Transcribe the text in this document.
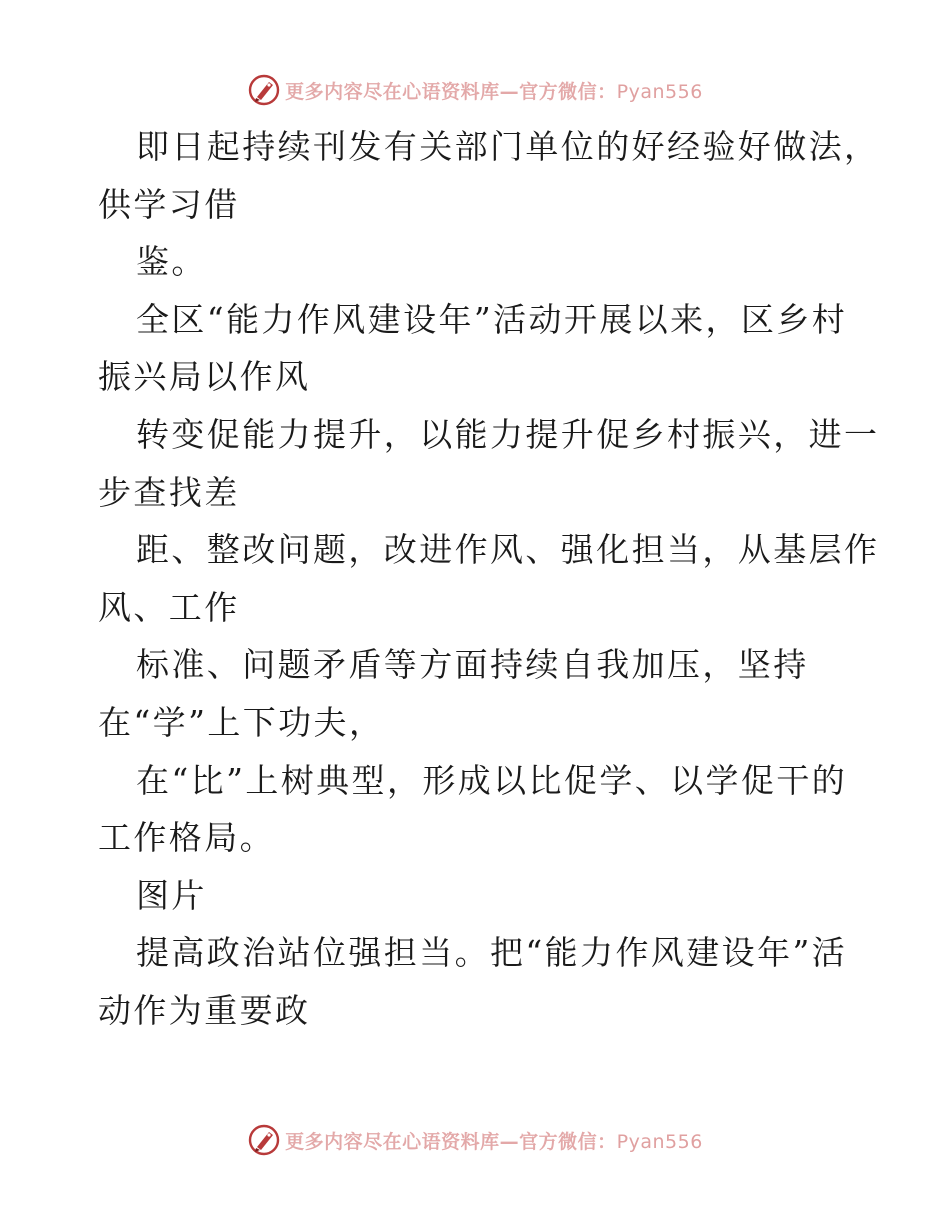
更多内容尽在心语资料库—官方微信：Pyan556
即日起持续刊发有关部门单位的好经验好做法，
供学习借
鉴。
全区“能力作风建设年”活动开展以来，区乡村
振兴局以作风
转变促能力提升，以能力提升促乡村振兴，进一
步查找差
距、整改问题，改进作风、强化担当，从基层作
风、工作
标准、问题矛盾等方面持续自我加压，坚持
在“学”上下功夫，
在“比”上树典型，形成以比促学、以学促干的
工作格局。
图片
提高政治站位强担当。把“能力作风建设年”活
动作为重要政
更多内容尽在心语资料库—官方微信：Pyan556
